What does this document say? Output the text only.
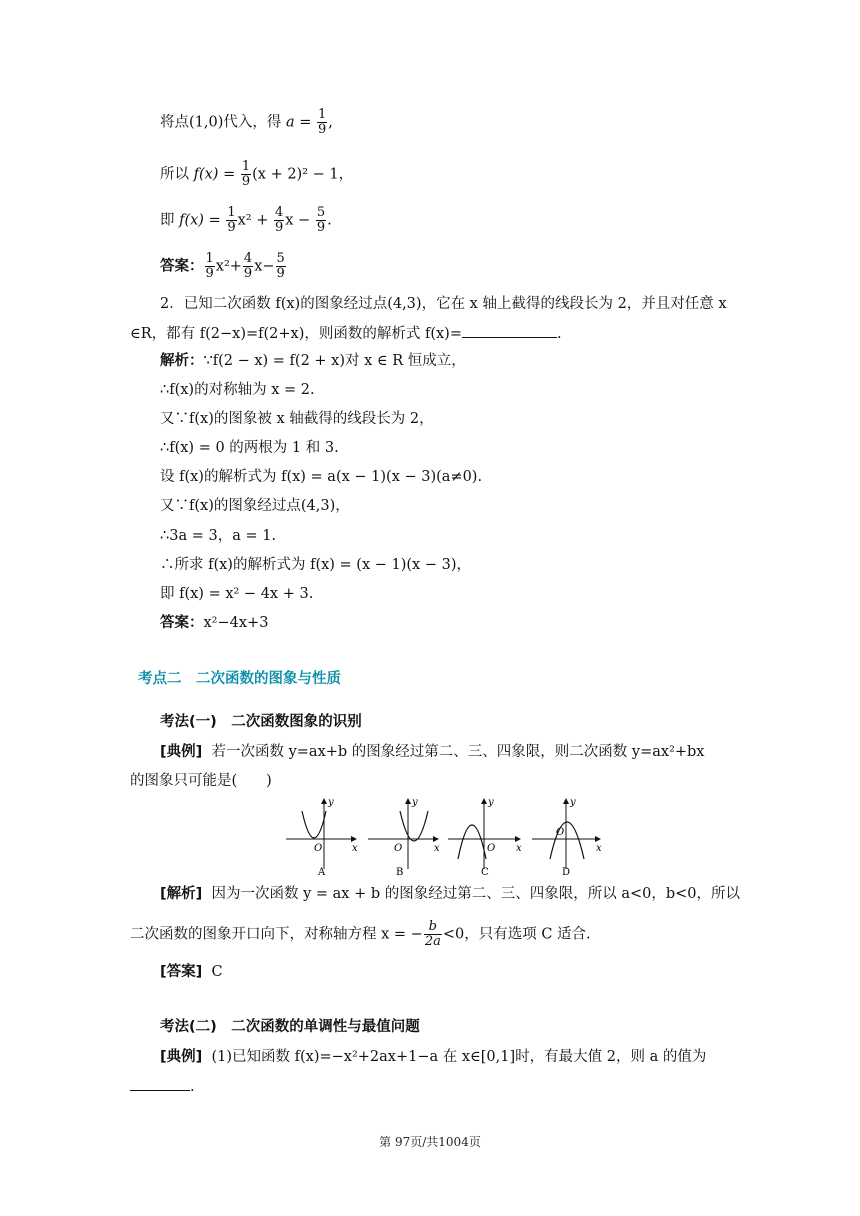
将点(1,0)代入，得 $a = \frac{1}{9}$ ,
所以 $f(x) = \frac{1}{9} (x + 2)^2 - 1$，
即 $f(x) = \frac{1}{9} x^2 + \frac{4}{9}$ $x - \frac{5}{9}$ .
答案： $\frac{1}{9} x^2+ \frac{4}{9} x- \frac{5}{9}$
2．已知二次函数 f(x)的图象经过点(4,3)，它在 x 轴上截得的线段长为 2，并且对任意 x
∈R，都有 f(2−x)=f(2+x)，则函数的解析式 f(x)=	.
解析：∵f(2 − x) = f(2 + x)对 x ∈ R 恒成立，
∴f(x)的对称轴为 x = 2.
又∵f(x)的图象被 x 轴截得的线段长为 2，
∴f(x) = 0 的两根为 1 和 3.
设 f(x)的解析式为 f(x) = a(x − 1)(x − 3)(a≠0).
又∵f(x)的图象经过点(4,3)，
∴3a = 3，a = 1.
∴所求 f(x)的解析式为 f(x) = (x − 1)(x − 3)，
即 f(x) = x² − 4x + 3.
答案：x²−4x+3
考点二　二次函数的图象与性质
考法(一)　二次函数图象的识别
[典例] 若一次函数 y=ax+b 的图象经过第二、三、四象限，则二次函数 y=ax²+bx
的图象只可能是(　　)
y
x
O
A
y
x
O
B
y
x
O
C
y
x
O
D
[解析] 因为一次函数 y = ax + b 的图象经过第二、三、四象限，所以 a<0，b<0，所以
二次函数的图象开口向下，对称轴方程 x = − $\frac{b}{2a} <0$，只有选项 C 适合.
[答案] C
考法(二)　二次函数的单调性与最值问题
[典例] (1)已知函数 f(x)=−x²+2ax+1−a 在 x∈[0,1]时，有最大值 2，则 a 的值为
.
第 97页/共1004页
